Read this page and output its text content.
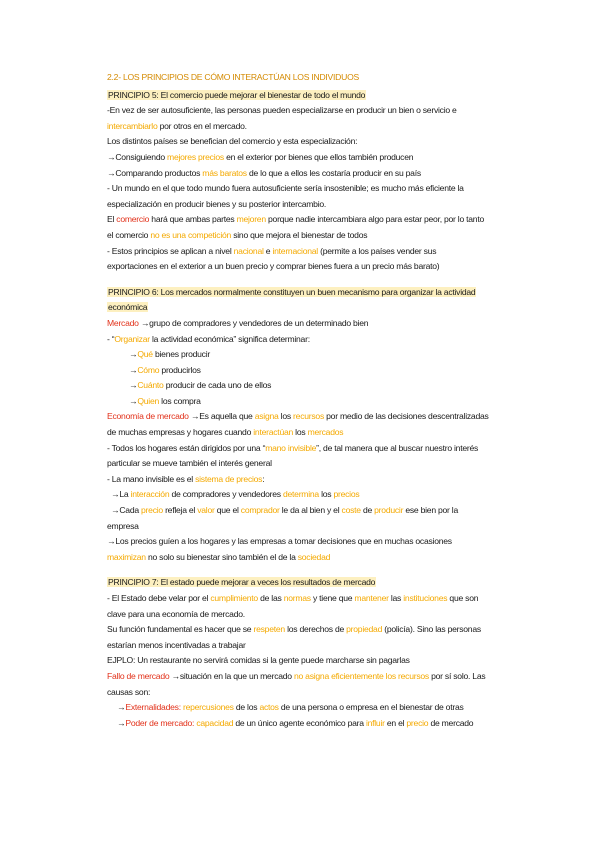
2.2- LOS PRINCIPIOS DE CÓMO INTERACTÚAN LOS INDIVIDUOS
PRINCIPIO 5: El comercio puede mejorar el bienestar de todo el mundo
-En vez de ser autosuficiente, las personas pueden especializarse en producir un bien o servicio e
intercambiarlo por otros en el mercado.
Los distintos países se benefician del comercio y esta especialización:
→Consiguiendo mejores precios en el exterior por bienes que ellos también producen
→Comparando productos más baratos de lo que a ellos les costaría producir en su país
- Un mundo en el que todo mundo fuera autosuficiente sería insostenible; es mucho más eficiente la
especialización en producir bienes y su posterior intercambio.
El comercio hará que ambas partes mejoren porque nadie intercambiara algo para estar peor, por lo tanto
el comercio no es una competición sino que mejora el bienestar de todos
- Estos principios se aplican a nivel nacional e internacional (permite a los países vender sus
exportaciones en el exterior a un buen precio y comprar bienes fuera a un precio más barato)
PRINCIPIO 6: Los mercados normalmente constituyen un buen mecanismo para organizar la actividad
económica
Mercado →grupo de compradores y vendedores de un determinado bien
- “Organizar la actividad económica” significa determinar:
→Qué bienes producir
→Cómo producirlos
→Cuánto producir de cada uno de ellos
→Quien los compra
Economía de mercado →Es aquella que asigna los recursos por medio de las decisiones descentralizadas
de muchas empresas y hogares cuando interactúan los mercados
- Todos los hogares están dirigidos por una “mano invisible”, de tal manera que al buscar nuestro interés
particular se mueve también el interés general
- La mano invisible es el sistema de precios:
→La interacción de compradores y vendedores determina los precios
→Cada precio refleja el valor que el comprador le da al bien y el coste de producir ese bien por la
empresa
→Los precios guíen a los hogares y las empresas a tomar decisiones que en muchas ocasiones
maximizan no solo su bienestar sino también el de la sociedad
PRINCIPIO 7: El estado puede mejorar a veces los resultados de mercado
- El Estado debe velar por el cumplimiento de las normas y tiene que mantener las instituciones que son
clave para una economía de mercado.
Su función fundamental es hacer que se respeten los derechos de propiedad (policía). Sino las personas
estarían menos incentivadas a trabajar
EJPLO: Un restaurante no servirá comidas si la gente puede marcharse sin pagarlas
Fallo de mercado →situación en la que un mercado no asigna eficientemente los recursos por sí solo. Las
causas son:
→Externalidades: repercusiones de los actos de una persona o empresa en el bienestar de otras
→Poder de mercado: capacidad de un único agente económico para influir en el precio de mercado
